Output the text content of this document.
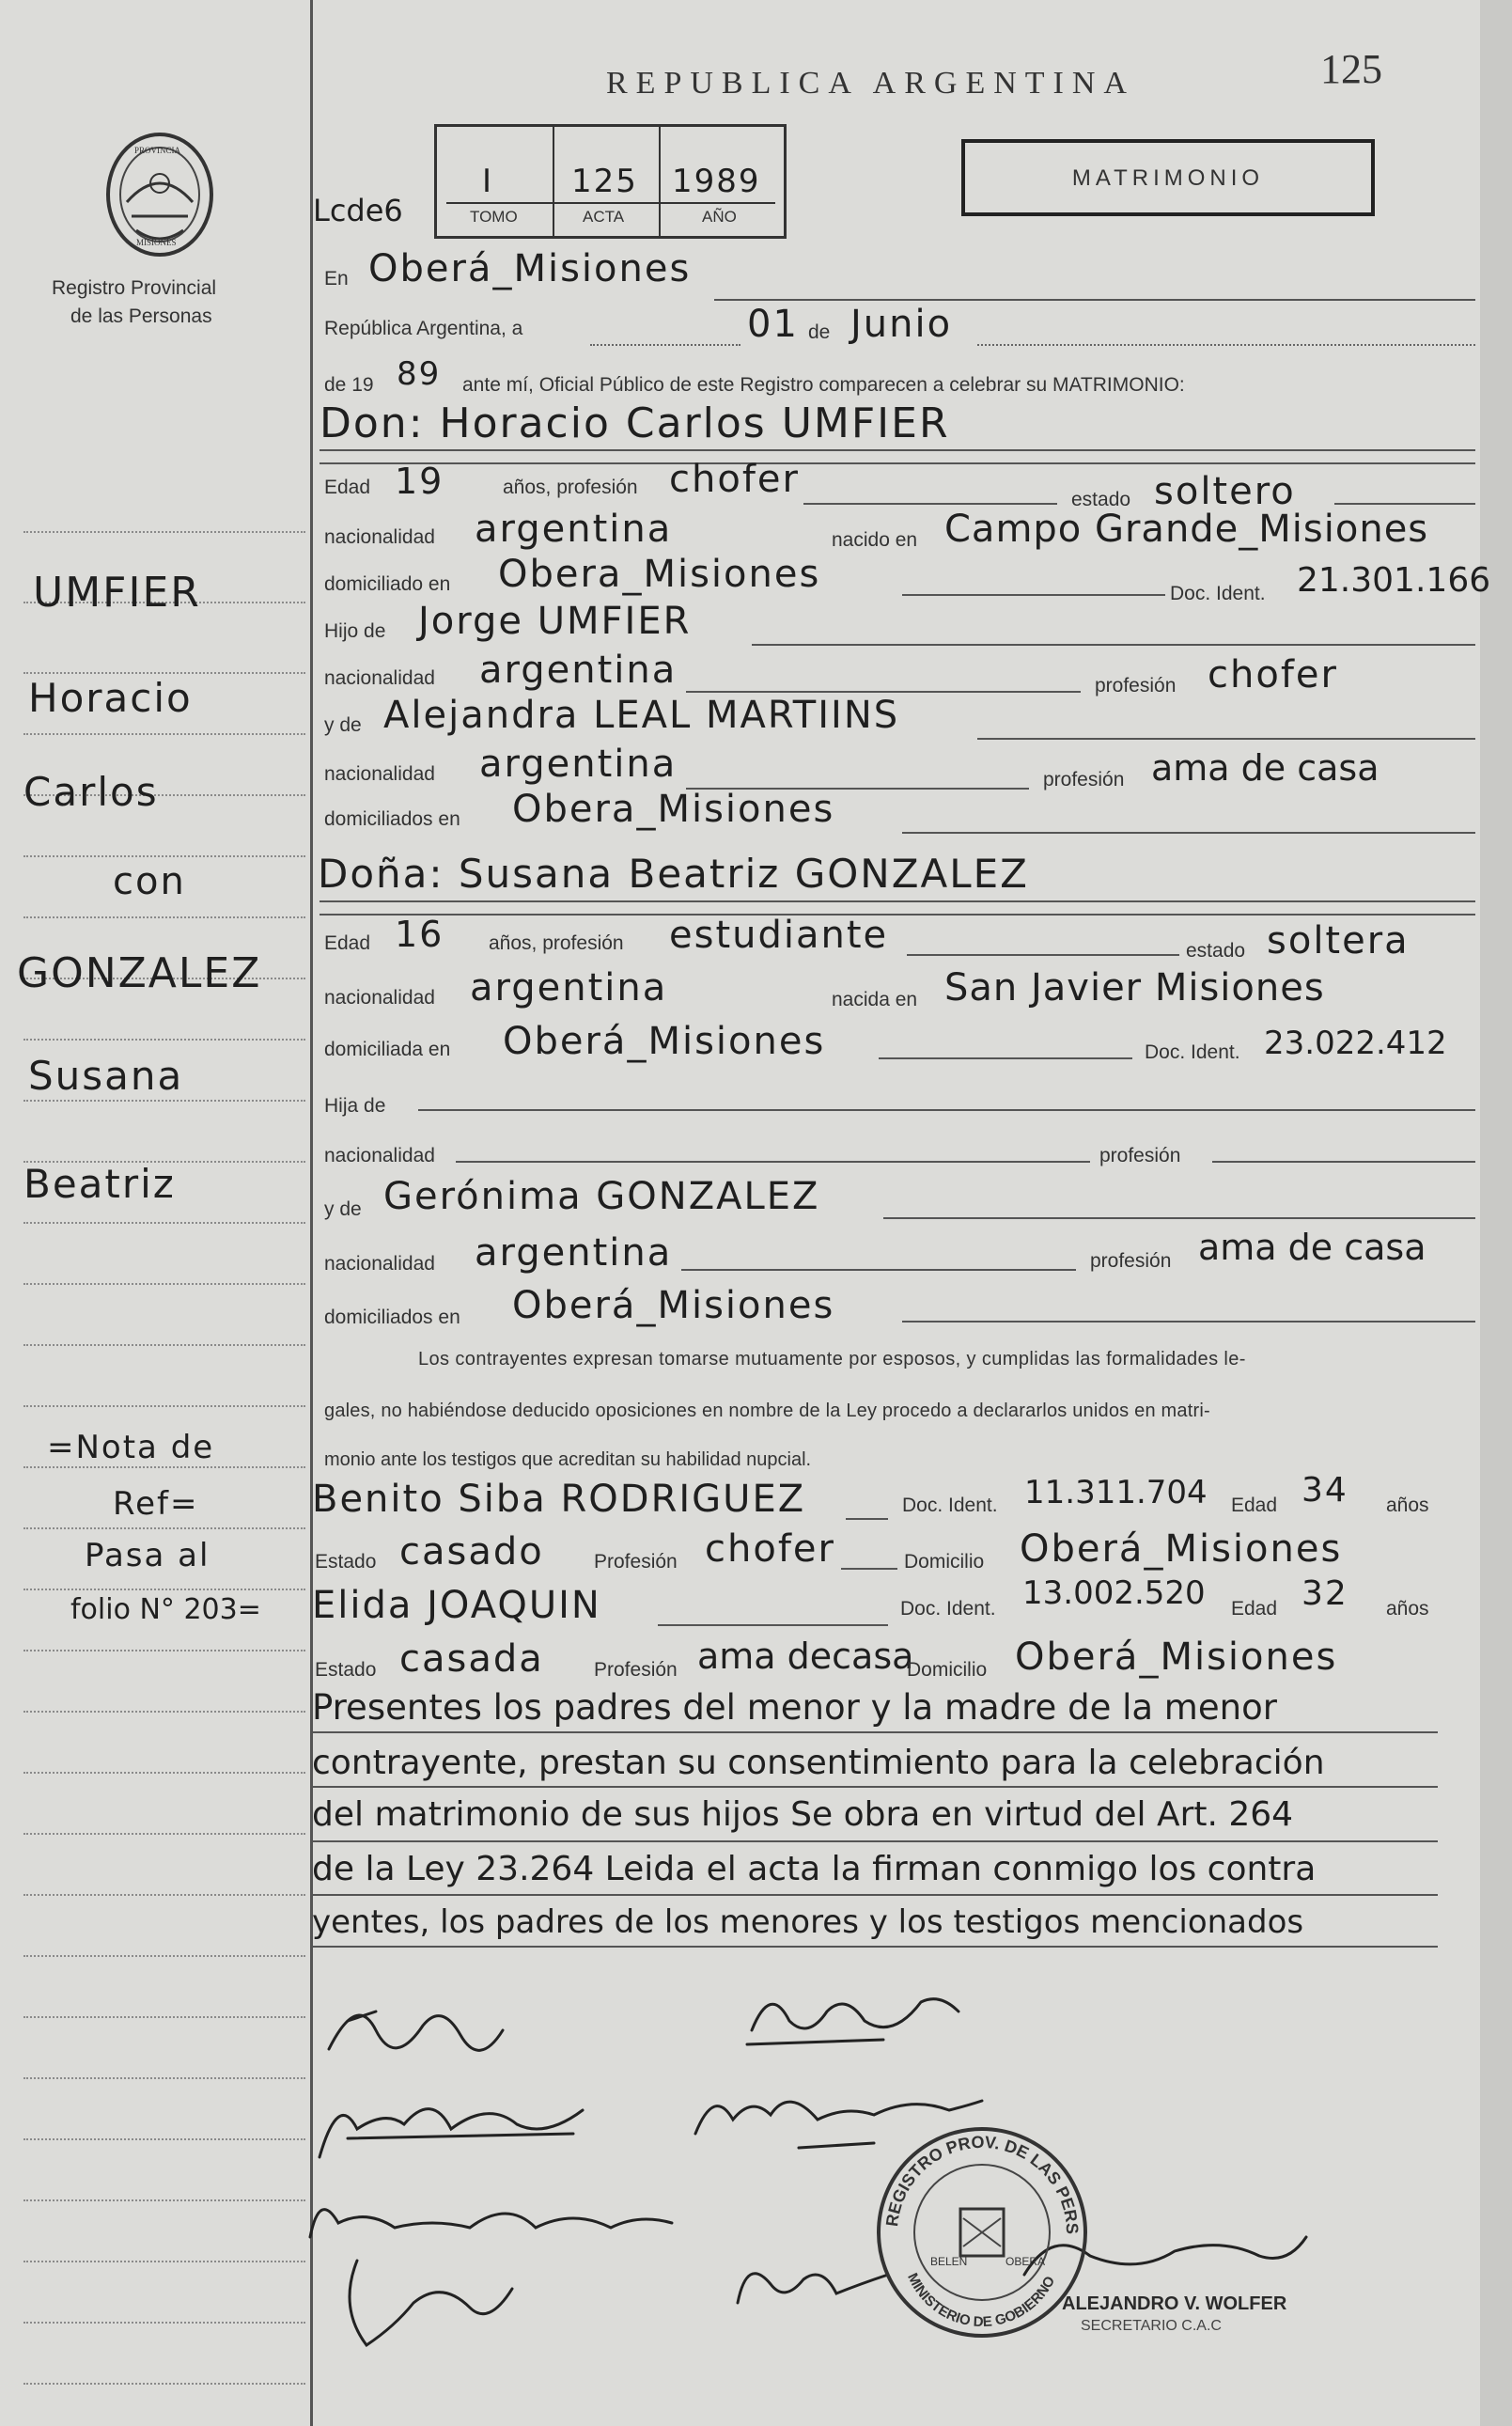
PROVINCIA
MISIONES
Registro Provincial
de las Personas
REPUBLICA ARGENTINA	125
MATRIMONIO
Lcde6
I
TOMO
125
ACTA
1989
AÑO
UMFIER
Horacio
Carlos
con
GONZALEZ
Susana
Beatriz
=Nota de
Ref=
Pasa al
folio N° 203=
En Oberá_Misiones
República Argentina, a	01 de Junio
de 19 89 ante mí, Oficial Público de este Registro comparecen a celebrar su MATRIMONIO:
Don: Horacio Carlos UMFIER
Edad 19	años, profesión chofer	estado soltero
nacionalidad argentina	nacido en Campo Grande_Misiones
domiciliado en Obera_Misiones	Doc. Ident. 21.301.166
Hijo de Jorge UMFIER
nacionalidad argentina	profesión chofer
y de Alejandra LEAL MARTIINS
nacionalidad argentina	profesión ama de casa
domiciliados en Obera_Misiones
Doña: Susana Beatriz GONZALEZ
Edad 16 años, profesión estudiante	estado soltera
nacionalidad argentina	nacida en San Javier Misiones
domiciliada en Oberá_Misiones	Doc. Ident. 23.022.412
Hija de
nacionalidad	profesión
y de Gerónima GONZALEZ
nacionalidad argentina	profesión ama de casa
domiciliados en Oberá_Misiones
Los contrayentes expresan tomarse mutuamente por esposos, y cumplidas las formalidades le-
gales, no habiéndose deducido oposiciones en nombre de la Ley procedo a declararlos unidos en matri-
monio ante los testigos que acreditan su habilidad nupcial.
Benito Siba RODRIGUEZ	Doc. Ident. 11.311.704 Edad 34 años
Estado casado	Profesión chofer	Domicilio Oberá_Misiones
Elida JOAQUIN	Doc. Ident. 13.002.520 Edad 32 años
Estado casada	Profesión ama decasa
Domicilio Oberá_Misiones
Presentes los padres del menor y la madre de la menor
contrayente, prestan su consentimiento para la celebración
del matrimonio de sus hijos Se obra en virtud del Art. 264
de la Ley 23.264 Leida el acta la firman conmigo los contra
yentes, los padres de los menores y los testigos mencionados
REGISTRO PROV. DE LAS PERS
MINISTERIO DE GOBIERNO
BELEN	OBERA
ALEJANDRO V. WOLFER
SECRETARIO C.A.C
